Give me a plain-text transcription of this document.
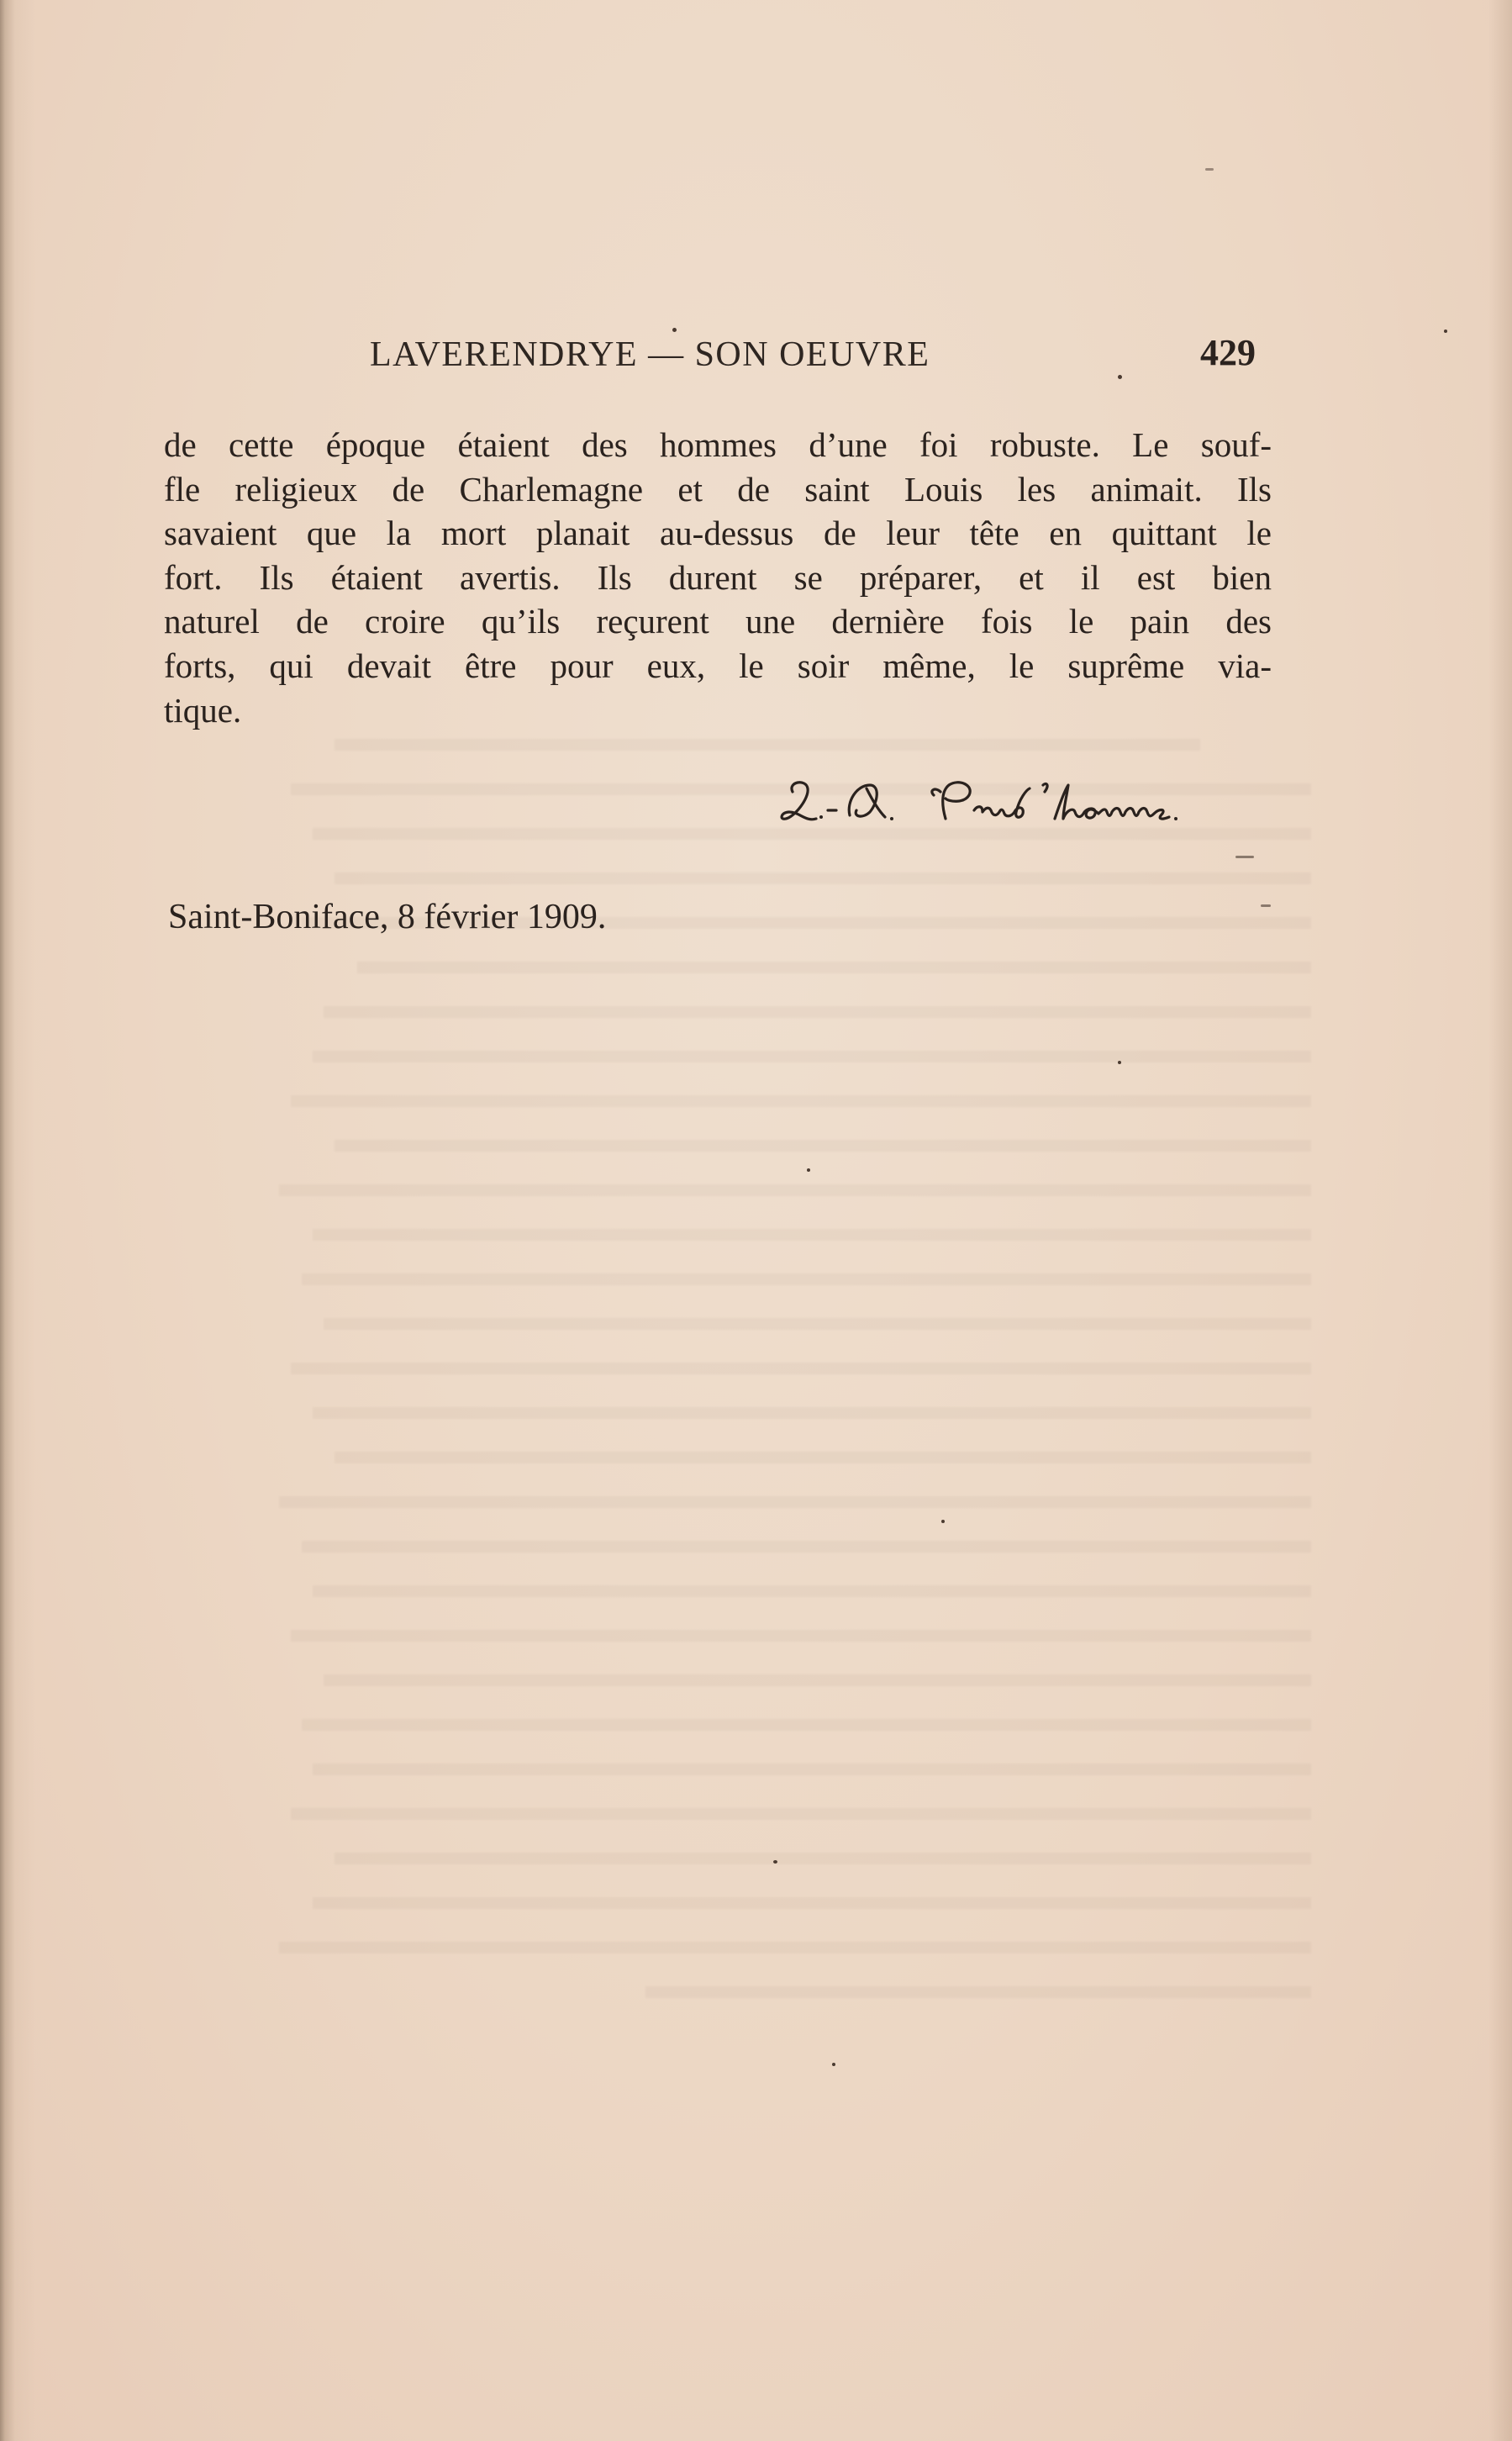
LAVERENDRYE — SON OEUVRE	429
de cette époque étaient des hommes d’une foi robuste. Le souf-
fle religieux de Charlemagne et de saint Louis les animait. Ils
savaient que la mort planait au-dessus de leur tête en quittant le
fort. Ils étaient avertis. Ils durent se préparer, et il est bien
naturel de croire qu’ils reçurent une dernière fois le pain des
forts, qui devait être pour eux, le soir même, le suprême via-
tique.
Saint-Boniface, 8 février 1909.
